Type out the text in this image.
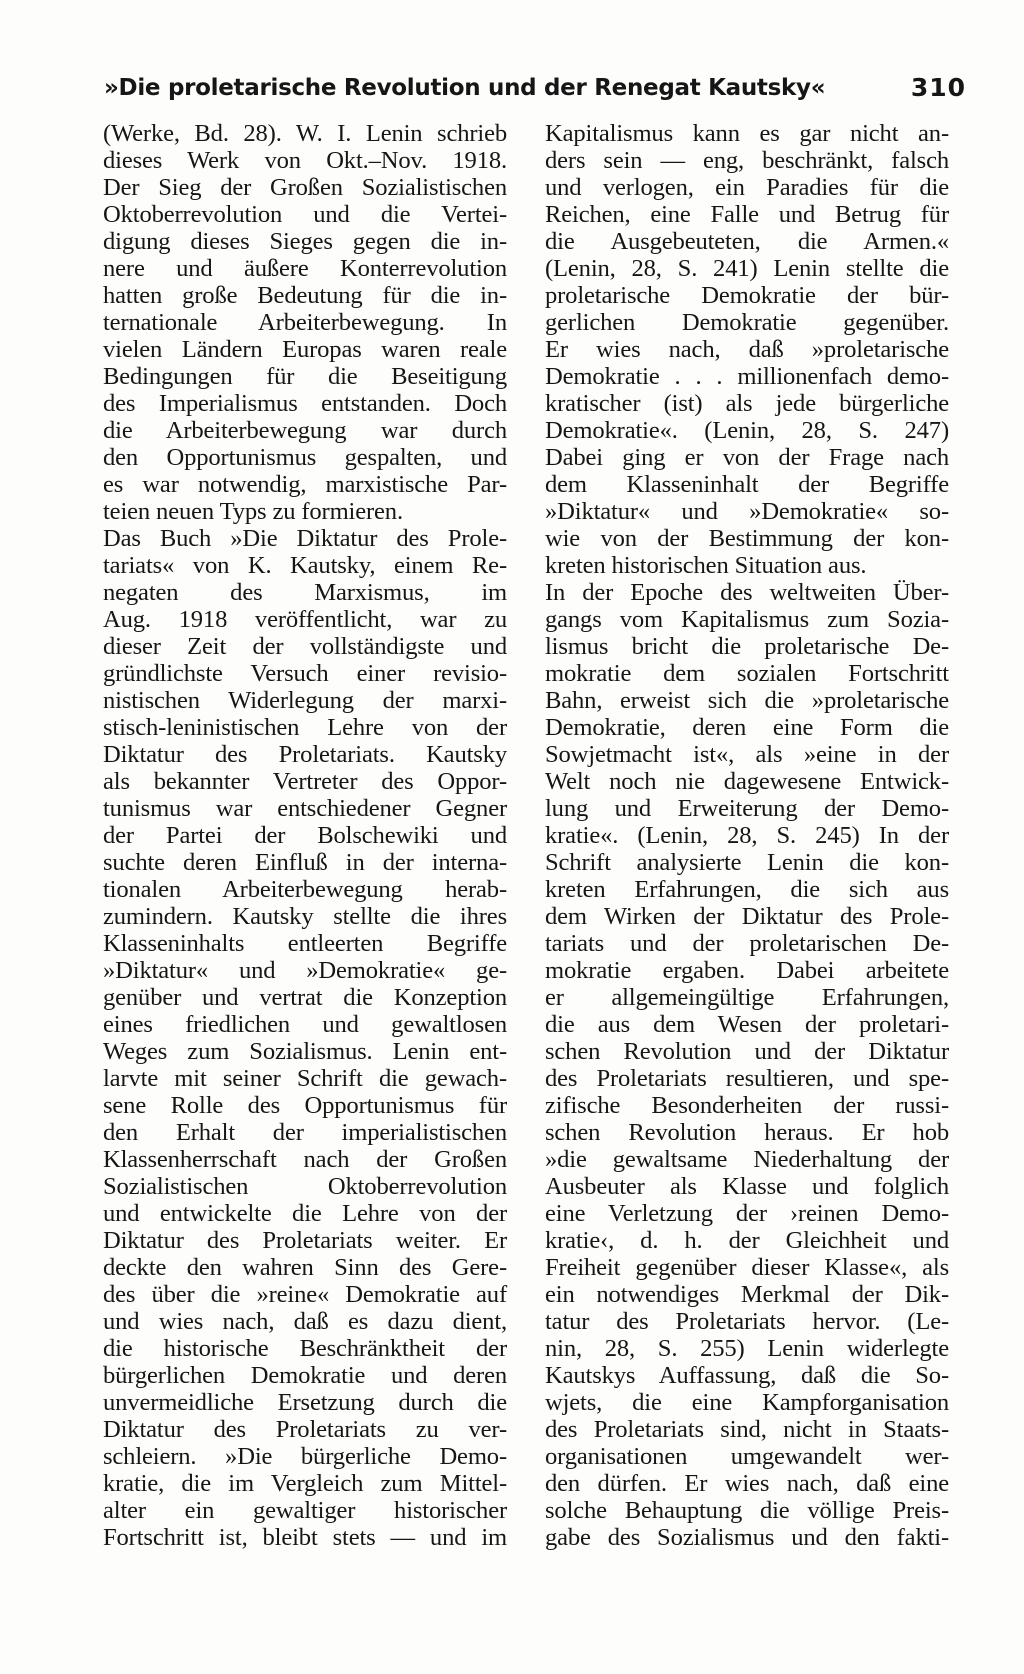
»Die proletarische Revolution und der Renegat Kautsky«	310
(Werke, Bd. 28). W. I. Lenin schrieb
dieses Werk von Okt.–Nov. 1918.
Der Sieg der Großen Sozialistischen
Oktoberrevolution und die Vertei-
digung dieses Sieges gegen die in-
nere und äußere Konterrevolution
hatten große Bedeutung für die in-
ternationale Arbeiterbewegung. In
vielen Ländern Europas waren reale
Bedingungen für die Beseitigung
des Imperialismus entstanden. Doch
die Arbeiterbewegung war durch
den Opportunismus gespalten, und
es war notwendig, marxistische Par-
teien neuen Typs zu formieren.
Das Buch »Die Diktatur des Prole-
tariats« von K. Kautsky, einem Re-
negaten des Marxismus, im
Aug. 1918 veröffentlicht, war zu
dieser Zeit der vollständigste und
gründlichste Versuch einer revisio-
nistischen Widerlegung der marxi-
stisch-leninistischen Lehre von der
Diktatur des Proletariats. Kautsky
als bekannter Vertreter des Oppor-
tunismus war entschiedener Gegner
der Partei der Bolschewiki und
suchte deren Einfluß in der interna-
tionalen Arbeiterbewegung herab-
zumindern. Kautsky stellte die ihres
Klasseninhalts entleerten Begriffe
»Diktatur« und »Demokratie« ge-
genüber und vertrat die Konzeption
eines friedlichen und gewaltlosen
Weges zum Sozialismus. Lenin ent-
larvte mit seiner Schrift die gewach-
sene Rolle des Opportunismus für
den Erhalt der imperialistischen
Klassenherrschaft nach der Großen
Sozialistischen Oktoberrevolution
und entwickelte die Lehre von der
Diktatur des Proletariats weiter. Er
deckte den wahren Sinn des Gere-
des über die »reine« Demokratie auf
und wies nach, daß es dazu dient,
die historische Beschränktheit der
bürgerlichen Demokratie und deren
unvermeidliche Ersetzung durch die
Diktatur des Proletariats zu ver-
schleiern. »Die bürgerliche Demo-
kratie, die im Vergleich zum Mittel-
alter ein gewaltiger historischer
Fortschritt ist, bleibt stets — und im
Kapitalismus kann es gar nicht an-
ders sein — eng, beschränkt, falsch
und verlogen, ein Paradies für die
Reichen, eine Falle und Betrug für
die Ausgebeuteten, die Armen.«
(Lenin, 28, S. 241) Lenin stellte die
proletarische Demokratie der bür-
gerlichen Demokratie gegenüber.
Er wies nach, daß »proletarische
Demokratie . . . millionenfach demo-
kratischer (ist) als jede bürgerliche
Demokratie«. (Lenin, 28, S. 247)
Dabei ging er von der Frage nach
dem Klasseninhalt der Begriffe
»Diktatur« und »Demokratie« so-
wie von der Bestimmung der kon-
kreten historischen Situation aus.
In der Epoche des weltweiten Über-
gangs vom Kapitalismus zum Sozia-
lismus bricht die proletarische De-
mokratie dem sozialen Fortschritt
Bahn, erweist sich die »proletarische
Demokratie, deren eine Form die
Sowjetmacht ist«, als »eine in der
Welt noch nie dagewesene Entwick-
lung und Erweiterung der Demo-
kratie«. (Lenin, 28, S. 245) In der
Schrift analysierte Lenin die kon-
kreten Erfahrungen, die sich aus
dem Wirken der Diktatur des Prole-
tariats und der proletarischen De-
mokratie ergaben. Dabei arbeitete
er allgemeingültige Erfahrungen,
die aus dem Wesen der proletari-
schen Revolution und der Diktatur
des Proletariats resultieren, und spe-
zifische Besonderheiten der russi-
schen Revolution heraus. Er hob
»die gewaltsame Niederhaltung der
Ausbeuter als Klasse und folglich
eine Verletzung der ›reinen Demo-
kratie‹, d. h. der Gleichheit und
Freiheit gegenüber dieser Klasse«, als
ein notwendiges Merkmal der Dik-
tatur des Proletariats hervor. (Le-
nin, 28, S. 255) Lenin widerlegte
Kautskys Auffassung, daß die So-
wjets, die eine Kampforganisation
des Proletariats sind, nicht in Staats-
organisationen umgewandelt wer-
den dürfen. Er wies nach, daß eine
solche Behauptung die völlige Preis-
gabe des Sozialismus und den fakti-
